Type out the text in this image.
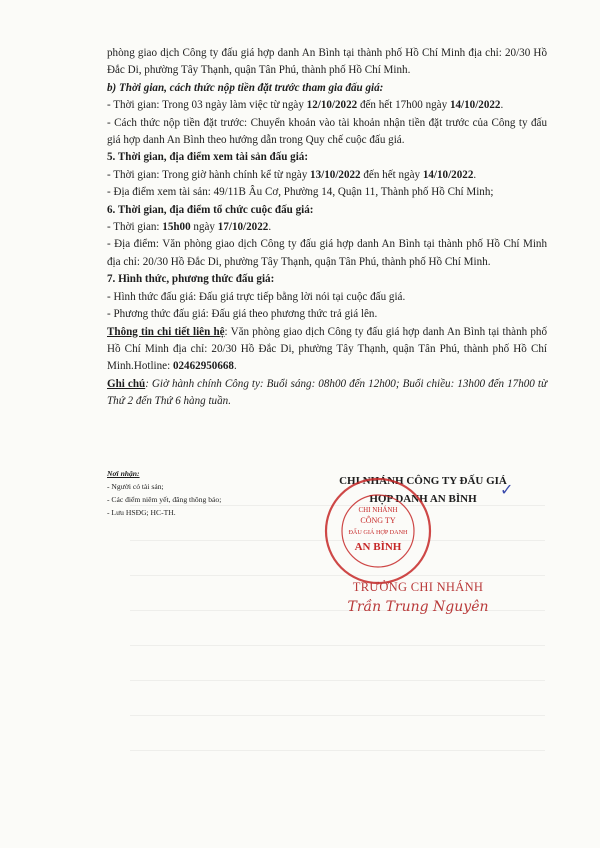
phòng giao dịch Công ty đấu giá hợp danh An Bình tại thành phố Hồ Chí Minh địa chỉ: 20/30 Hồ Đắc Di, phường Tây Thạnh, quận Tân Phú, thành phố Hồ Chí Minh.

b) Thời gian, cách thức nộp tiền đặt trước tham gia đấu giá:

- Thời gian: Trong 03 ngày làm việc từ ngày 12/10/2022 đến hết 17h00 ngày 14/10/2022.

- Cách thức nộp tiền đặt trước: Chuyển khoản vào tài khoản nhận tiền đặt trước của Công ty đấu giá hợp danh An Bình theo hướng dẫn trong Quy chế cuộc đấu giá.

5. Thời gian, địa điểm xem tài sản đấu giá:

- Thời gian: Trong giờ hành chính kể từ ngày 13/10/2022 đến hết ngày 14/10/2022.

- Địa điểm xem tài sản: 49/11B Âu Cơ, Phường 14, Quận 11, Thành phố Hồ Chí Minh;

6. Thời gian, địa điểm tổ chức cuộc đấu giá:

- Thời gian: 15h00 ngày 17/10/2022.

- Địa điểm: Văn phòng giao dịch Công ty đấu giá hợp danh An Bình tại thành phố Hồ Chí Minh địa chỉ: 20/30 Hồ Đắc Di, phường Tây Thạnh, quận Tân Phú, thành phố Hồ Chí Minh.

7. Hình thức, phương thức đấu giá:

- Hình thức đấu giá: Đấu giá trực tiếp bằng lời nói tại cuộc đấu giá.

- Phương thức đấu giá: Đấu giá theo phương thức trả giá lên.

Thông tin chi tiết liên hệ: Văn phòng giao dịch Công ty đấu giá hợp danh An Bình tại thành phố Hồ Chí Minh địa chỉ: 20/30 Hồ Đắc Di, phường Tây Thạnh, quận Tân Phú, thành phố Hồ Chí Minh.Hotline: 02462950668.

Ghi chú: Giờ hành chính Công ty: Buổi sáng: 08h00 đến 12h00; Buổi chiều: 13h00 đến 17h00 từ Thứ 2 đến Thứ 6 hàng tuần.

Nơi nhận:
- Người có tài sản;
- Các điểm niêm yết, đăng thông báo;
- Lưu HSĐG; HC-TH.
CHI NHÁNH CÔNG TY ĐẤU GIÁ
HỢP DANH AN BÌNH	✓
CHI NHÁNH
CÔNG TY
ĐẤU GIÁ HỢP DANH
AN BÌNH
TRƯỞNG CHI NHÁNH
Trần Trung Nguyên
